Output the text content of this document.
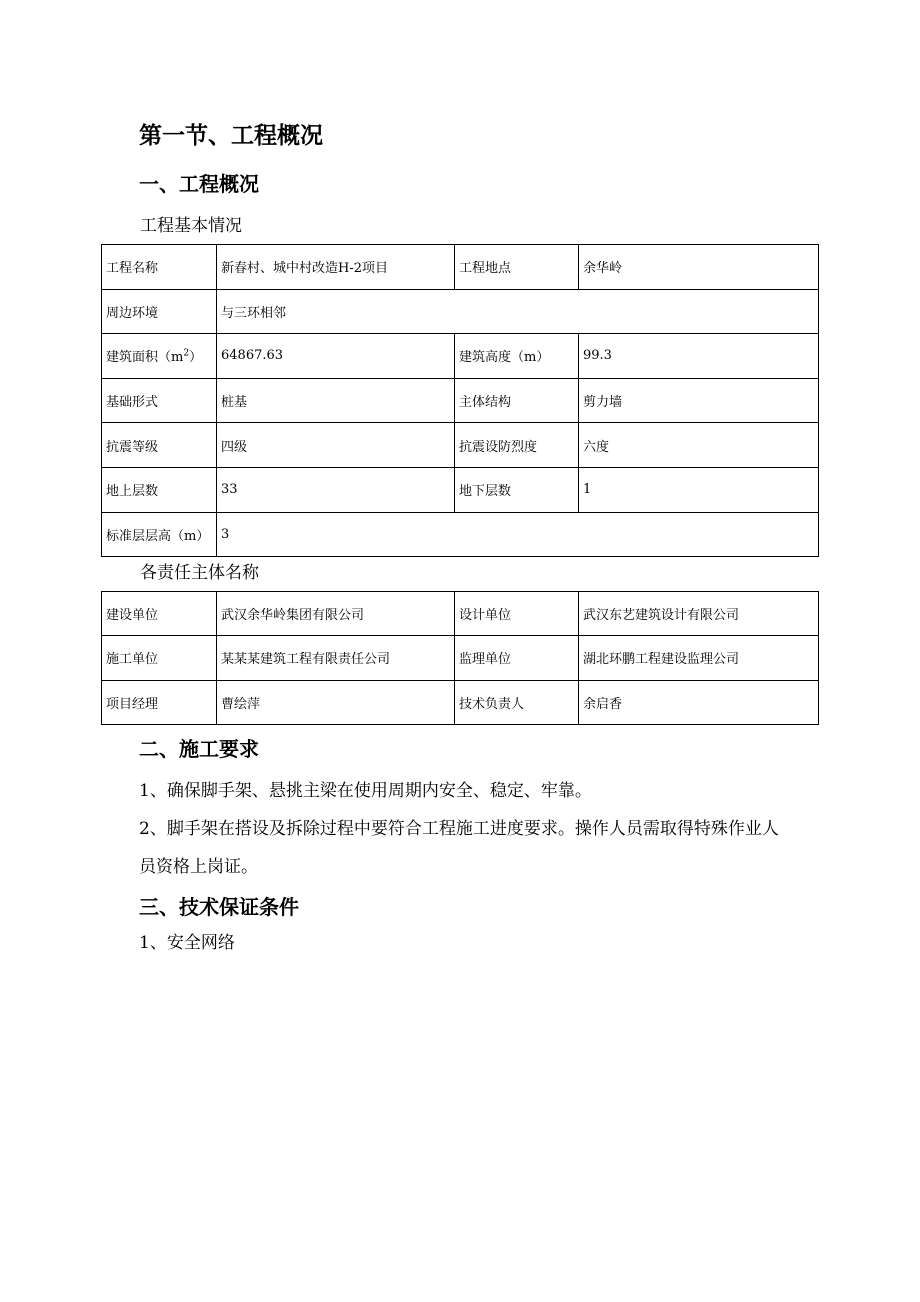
第一节、工程概况
一、工程概况

工程基本情况

工程名称	新春村、城中村改造H-2项目	工程地点	余华岭
周边环境	与三环相邻		
建筑面积$(m^2)$	64867.63	建筑高度（m）	99.3
基础形式	桩基	主体结构	剪力墙
抗震等级	四级	抗震设防烈度	六度
地上层数	33	地下层数	1
标准层层高（m）	3		

各责任主体名称

建设单位	武汉余华岭集团有限公司	设计单位	武汉东艺建筑设计有限公司
施工单位	某某某建筑工程有限责任公司	监理单位	湖北环鹏工程建设监理公司
项目经理	曹绘萍	技术负责人	余启香
二、施工要求

1、确保脚手架、悬挑主梁在使用周期内安全、稳定、牢靠。

2、脚手架在搭设及拆除过程中要符合工程施工进度要求。操作人员需取得特殊作业人员资格上岗证。

三、技术保证条件

1、安全网络
